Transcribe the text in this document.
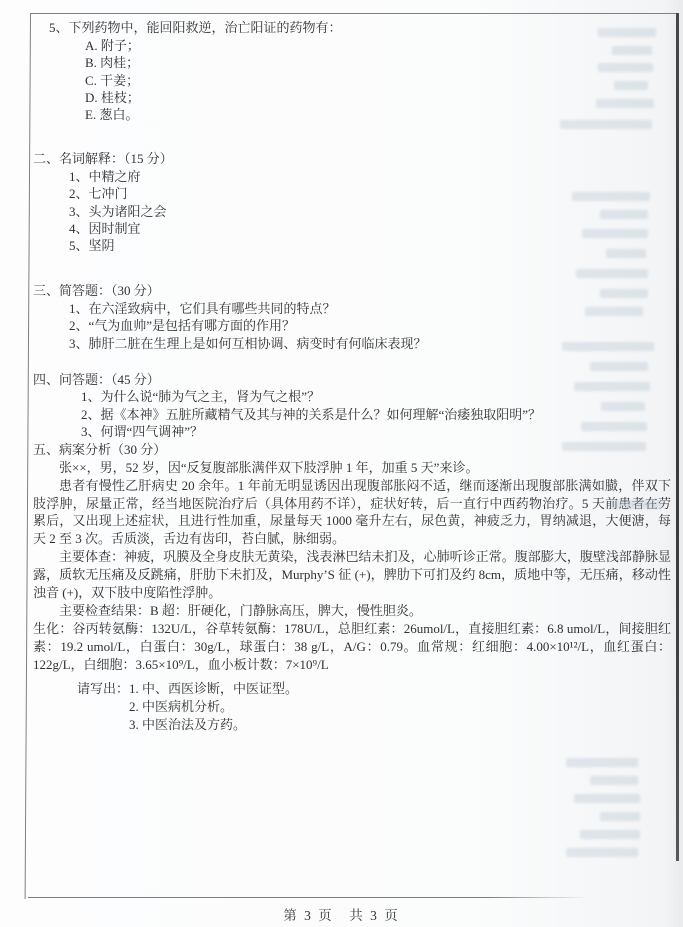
5、下列药物中，能回阳救逆，治亡阳证的药物有：

A. 附子；

B. 肉桂；

C. 干姜；

D. 桂枝；

E. 葱白。

二、名词解释：（15 分）

1、中精之府

2、七冲门

3、头为诸阳之会

4、因时制宜

5、坚阴

三、简答题：（30 分）

1、在六淫致病中，它们具有哪些共同的特点？

2、“气为血帅”是包括有哪方面的作用？

3、肺肝二脏在生理上是如何互相协调、病变时有何临床表现？

四、问答题：（45 分）

1、为什么说“肺为气之主，肾为气之根”？

2、据《本神》五脏所藏精气及其与神的关系是什么？如何理解“治痿独取阳明”？

3、何谓“四气调神”？

五、病案分析（30 分）

张××，男，52 岁，因“反复腹部胀满伴双下肢浮肿 1 年，加重 5 天”来诊。

患者有慢性乙肝病史 20 余年。1 年前无明显诱因出现腹部胀闷不适，继而逐渐出现腹部胀满如臌，伴双下肢浮肿，尿量正常，经当地医院治疗后（具体用药不详），症状好转，后一直行中西药物治疗。5 天前患者在劳累后，又出现上述症状，且进行性加重，尿量每天 1000 毫升左右，尿色黄，神疲乏力，胃纳减退，大便溏，每天 2 至 3 次。舌质淡，舌边有齿印，苔白腻，脉细弱。

主要体查：神疲，巩膜及全身皮肤无黄染，浅表淋巴结未扪及，心肺听诊正常。腹部膨大，腹壁浅部静脉显露，质软无压痛及反跳痛，肝肋下未扪及，Murphy’S 征 (+)，脾肋下可扪及约 8cm，质地中等，无压痛，移动性浊音 (+)，双下肢中度陷性浮肿。

主要检查结果：B 超：肝硬化，门静脉高压，脾大，慢性胆炎。

生化：谷丙转氨酶：132U/L，谷草转氨酶：178U/L，总胆红素：26umol/L，直接胆红素：6.8 umol/L，间接胆红素：19.2 umol/L，白蛋白：30g/L，球蛋白：38 g/L，A/G：0.79。血常规：红细胞：4.00×10¹²/L，血红蛋白：122g/L，白细胞：3.65×10⁹/L，血小板计数：7×10⁹/L

请写出： 1. 中、西医诊断，中医证型。

2. 中医病机分析。

3. 中医治法及方药。

第 3 页　共 3 页
